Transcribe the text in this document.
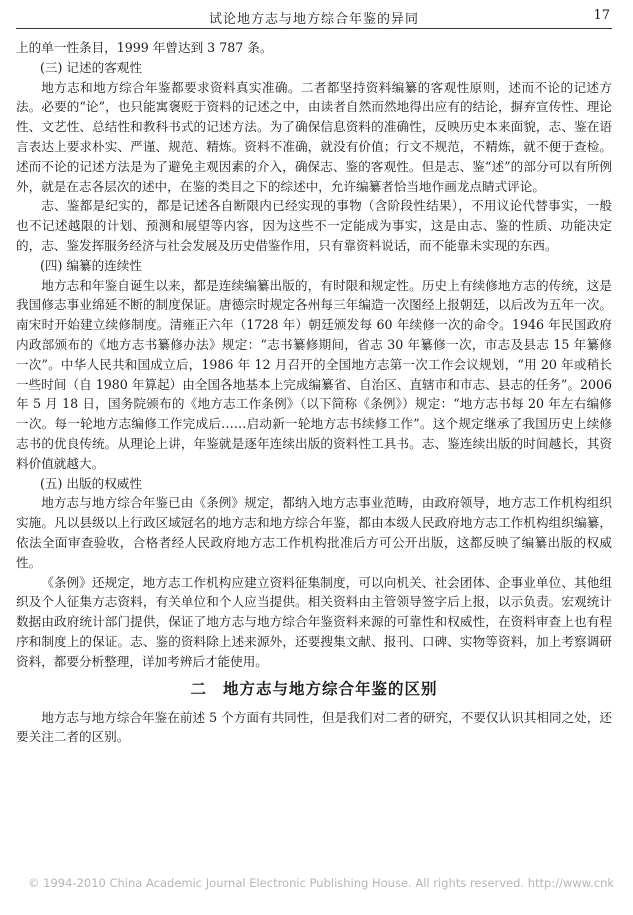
试论地方志与地方综合年鉴的异同	17

上的单一性条目，1999 年曾达到 3 787 条。

(三) 记述的客观性

地方志和地方综合年鉴都要求资料真实准确。二者都坚持资料编纂的客观性原则，述而不论的记述方法。必要的“论”，也只能寓褒贬于资料的记述之中，由读者自然而然地得出应有的结论，摒弃宣传性、理论性、文艺性、总结性和教科书式的记述方法。为了确保信息资料的准确性，反映历史本来面貌，志、鉴在语言表达上要求朴实、严谨、规范、精炼。资料不准确，就没有价值；行文不规范，不精炼，就不便于查检。述而不论的记述方法是为了避免主观因素的介入，确保志、鉴的客观性。但是志、鉴“述”的部分可以有所例外，就是在志各层次的述中，在鉴的类目之下的综述中，允许编纂者恰当地作画龙点睛式评论。

志、鉴都是纪实的，都是记述各自断限内已经实现的事物（含阶段性结果），不用议论代替事实，一般也不记述越限的计划、预测和展望等内容，因为这些不一定能成为事实，这是由志、鉴的性质、功能决定的，志、鉴发挥服务经济与社会发展及历史借鉴作用，只有靠资料说话，而不能靠未实现的东西。

(四) 编纂的连续性

地方志和年鉴自诞生以来，都是连续编纂出版的，有时限和规定性。历史上有续修地方志的传统，这是我国修志事业绵延不断的制度保证。唐德宗时规定各州每三年编造一次图经上报朝廷，以后改为五年一次。南宋时开始建立续修制度。清雍正六年（1728 年）朝廷颁发每 60 年续修一次的命令。1946 年民国政府内政部颁布的《地方志书纂修办法》规定：“志书纂修期间，省志 30 年纂修一次，市志及县志 15 年纂修一次”。中华人民共和国成立后，1986 年 12 月召开的全国地方志第一次工作会议规划，“用 20 年或稍长一些时间（自 1980 年算起）由全国各地基本上完成编纂省、自治区、直辖市和市志、县志的任务”。2006 年 5 月 18 日，国务院颁布的《地方志工作条例》（以下简称《条例》）规定：“地方志书每 20 年左右编修一次。每一轮地方志编修工作完成后……启动新一轮地方志书续修工作”。这个规定继承了我国历史上续修志书的优良传统。从理论上讲，年鉴就是逐年连续出版的资料性工具书。志、鉴连续出版的时间越长，其资料价值就越大。

(五) 出版的权威性

地方志与地方综合年鉴已由《条例》规定，都纳入地方志事业范畴，由政府领导，地方志工作机构组织实施。凡以县级以上行政区域冠名的地方志和地方综合年鉴，都由本级人民政府地方志工作机构组织编纂，依法全面审查验收，合格者经人民政府地方志工作机构批准后方可公开出版，这都反映了编纂出版的权威性。

《条例》还规定，地方志工作机构应建立资料征集制度，可以向机关、社会团体、企事业单位、其他组织及个人征集方志资料，有关单位和个人应当提供。相关资料由主管领导签字后上报，以示负责。宏观统计数据由政府统计部门提供，保证了地方志与地方综合年鉴资料来源的可靠性和权威性，在资料审查上也有程序和制度上的保证。志、鉴的资料除上述来源外，还要搜集文献、报刊、口碑、实物等资料，加上考察调研资料，都要分析整理，详加考辨后才能使用。

二 地方志与地方综合年鉴的区别

地方志与地方综合年鉴在前述 5 个方面有共同性，但是我们对二者的研究，不要仅认识其相同之处，还要关注二者的区别。

© 1994-2010 China Academic Journal Electronic Publishing House. All rights reserved. http://www.cnk
